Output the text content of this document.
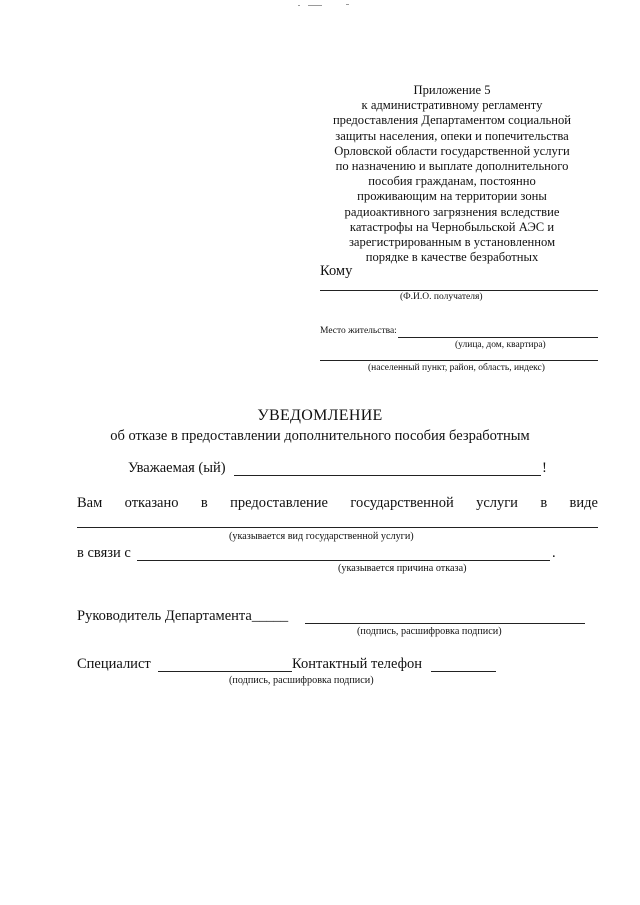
Приложение 5
к административному регламенту
предоставления Департаментом социальной
защиты населения, опеки и попечительства
Орловской области государственной услуги
по назначению и выплате дополнительного
пособия гражданам, постоянно
проживающим на территории зоны
радиоактивного загрязнения вследствие
катастрофы на Чернобыльской АЭС и
зарегистрированным в установленном
порядке в качестве безработных
Кому
(Ф.И.О. получателя)
Место жительства:
(улица, дом, квартира)
(населенный пункт, район, область, индекс)
УВЕДОМЛЕНИЕ
об отказе в предоставлении дополнительного пособия безработным
Уважаемая (ый)	!
Вам отказано в предоставление государственной услуги в виде
(указывается вид государственной услуги)
в связи с	.
(указывается причина отказа)
Руководитель Департамента_____
(подпись, расшифровка подписи)
Специалист	Контактный телефон
(подпись, расшифровка подписи)
